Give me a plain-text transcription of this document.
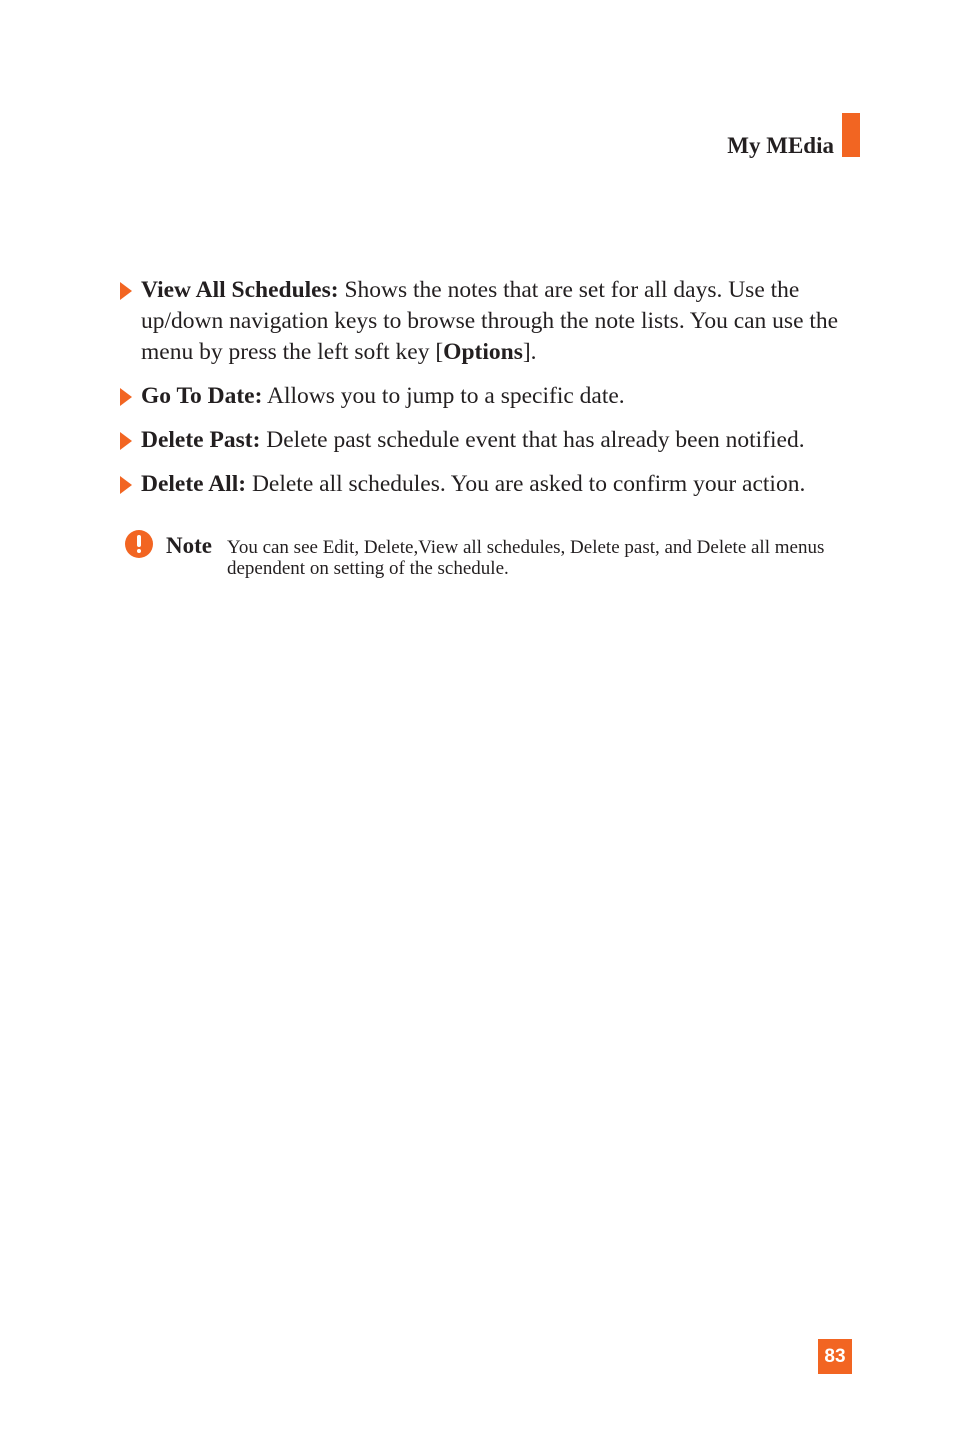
My MEdia
View All Schedules: Shows the notes that are set for all days. Use the up/down navigation keys to browse through the note lists. You can use the menu by press the left soft key [Options].
Go To Date: Allows you to jump to a specific date.
Delete Past: Delete past schedule event that has already been notified.
Delete All: Delete all schedules. You are asked to confirm your action.
Note You can see Edit, Delete,View all schedules, Delete past, and Delete all menus dependent on setting of the schedule.
83
